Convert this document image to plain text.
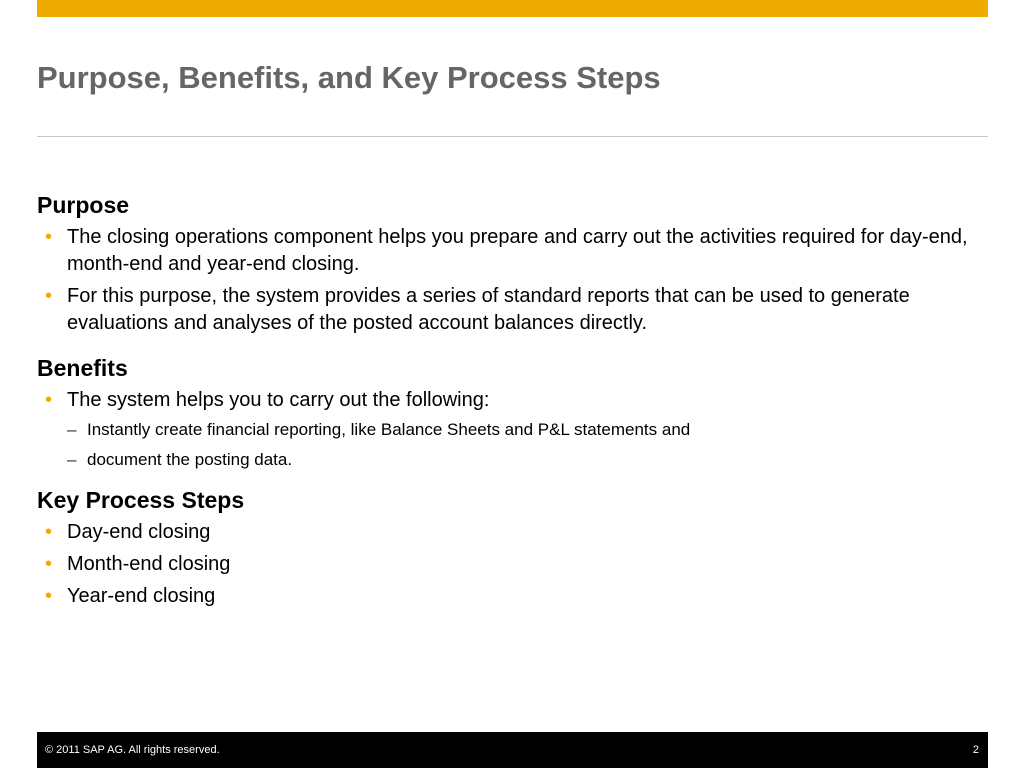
Purpose, Benefits, and Key Process Steps
Purpose
• The closing operations component helps you prepare and carry out the activities required for day-end, month-end and year-end closing.
• For this purpose, the system provides a series of standard reports that can be used to generate evaluations and analyses of the posted account balances directly.
Benefits
• The system helps you to carry out the following:
– Instantly create financial reporting, like Balance Sheets and P&L statements and
– document the posting data.
Key Process Steps
• Day-end closing
• Month-end closing
• Year-end closing
© 2011 SAP AG. All rights reserved.	2
